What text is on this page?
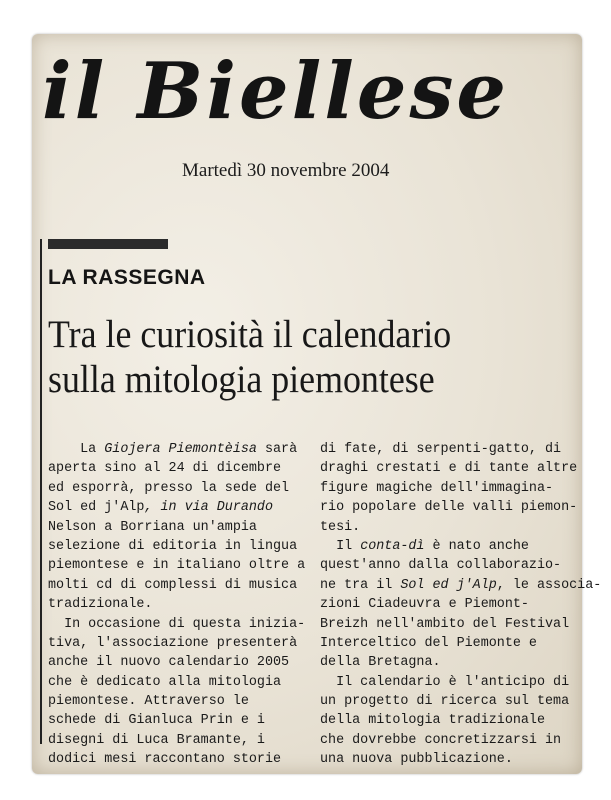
il Biellese
Martedì 30 novembre 2004
LA RASSEGNA
Tra le curiosità il calendario
sulla mitologia piemontese
La Giojera Piemontèisa sarà
aperta sino al 24 di dicembre
ed esporrà, presso la sede del
Sol ed j'Alp, in via Durando
Nelson a Borriana un'ampia
selezione di editoria in lingua
piemontese e in italiano oltre a
molti cd di complessi di musica
tradizionale.
In occasione di questa inizia-
tiva, l'associazione presenterà
anche il nuovo calendario 2005
che è dedicato alla mitologia
piemontese. Attraverso le
schede di Gianluca Prin e i
disegni di Luca Bramante, i
dodici mesi raccontano storie
di fate, di serpenti-gatto, di
draghi crestati e di tante altre
figure magiche dell'immagina-
rio popolare delle valli piemon-
tesi.
Il conta-dì è nato anche
quest'anno dalla collaborazio-
ne tra il Sol ed j'Alp, le associa-
zioni Ciadeuvra e Piemont-
Breizh nell'ambito del Festival
Interceltico del Piemonte e
della Bretagna.
Il calendario è l'anticipo di
un progetto di ricerca sul tema
della mitologia tradizionale
che dovrebbe concretizzarsi in
una nuova pubblicazione.
